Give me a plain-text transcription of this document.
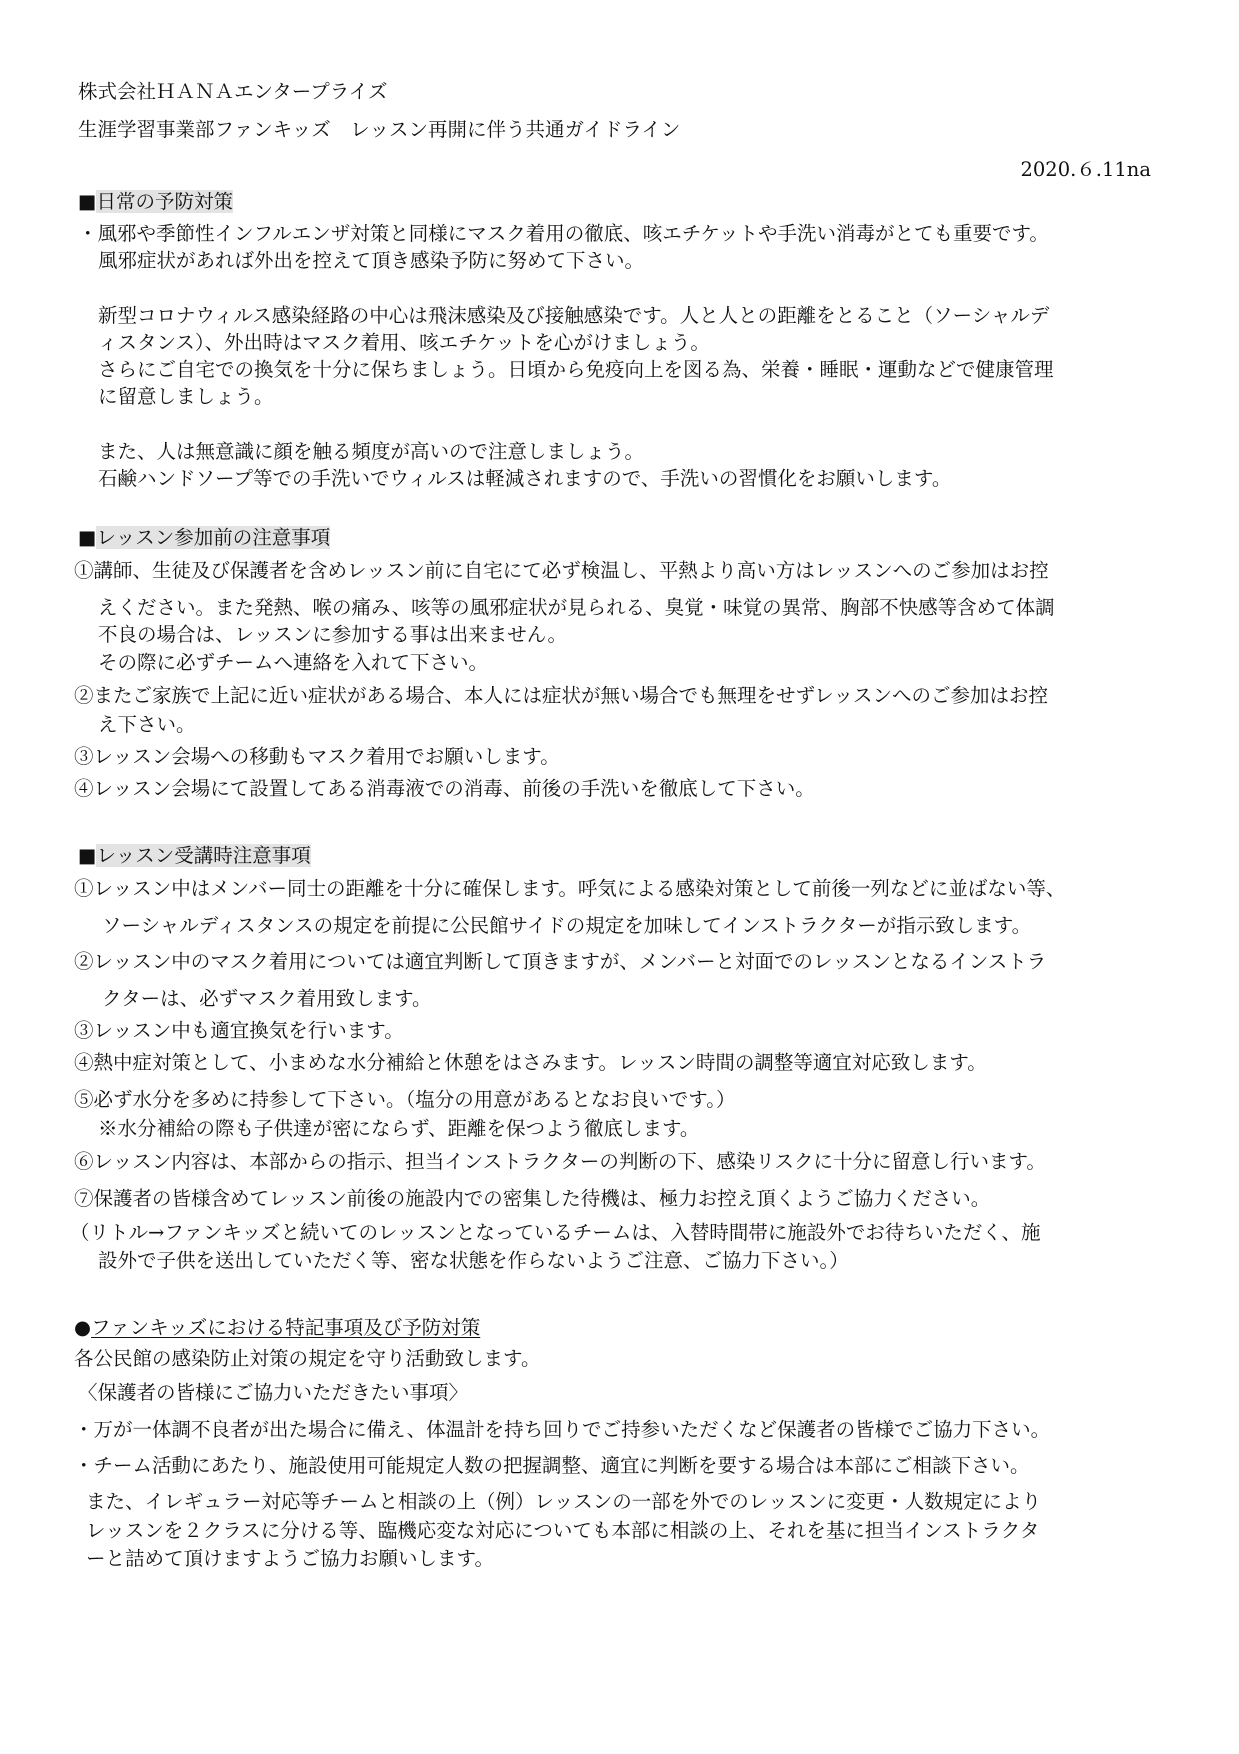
株式会社ＨＡＮＡエンタープライズ
生涯学習事業部ファンキッズ　レッスン再開に伴う共通ガイドライン
2020.６.11na
■日常の予防対策
・風邪や季節性インフルエンザ対策と同様にマスク着用の徹底、咳エチケットや手洗い消毒がとても重要です。
風邪症状があれば外出を控えて頂き感染予防に努めて下さい。
新型コロナウィルス感染経路の中心は飛沫感染及び接触感染です。人と人との距離をとること（ソーシャルデ
ィスタンス）、外出時はマスク着用、咳エチケットを心がけましょう。
さらにご自宅での換気を十分に保ちましょう。日頃から免疫向上を図る為、栄養・睡眠・運動などで健康管理
に留意しましょう。
また、人は無意識に顔を触る頻度が高いので注意しましょう。
石鹸ハンドソープ等での手洗いでウィルスは軽減されますので、手洗いの習慣化をお願いします。
■レッスン参加前の注意事項
①講師、生徒及び保護者を含めレッスン前に自宅にて必ず検温し、平熱より高い方はレッスンへのご参加はお控
えください。また発熱、喉の痛み、咳等の風邪症状が見られる、臭覚・味覚の異常、胸部不快感等含めて体調
不良の場合は、レッスンに参加する事は出来ません。
その際に必ずチームへ連絡を入れて下さい。
②またご家族で上記に近い症状がある場合、本人には症状が無い場合でも無理をせずレッスンへのご参加はお控
え下さい。
③レッスン会場への移動もマスク着用でお願いします。
④レッスン会場にて設置してある消毒液での消毒、前後の手洗いを徹底して下さい。
■レッスン受講時注意事項
①レッスン中はメンバー同士の距離を十分に確保します。呼気による感染対策として前後一列などに並ばない等、
ソーシャルディスタンスの規定を前提に公民館サイドの規定を加味してインストラクターが指示致します。
②レッスン中のマスク着用については適宜判断して頂きますが、メンバーと対面でのレッスンとなるインストラ
クターは、必ずマスク着用致します。
③レッスン中も適宜換気を行います。
④熱中症対策として、小まめな水分補給と休憩をはさみます。レッスン時間の調整等適宜対応致します。
⑤必ず水分を多めに持参して下さい。（塩分の用意があるとなお良いです。）
※水分補給の際も子供達が密にならず、距離を保つよう徹底します。
⑥レッスン内容は、本部からの指示、担当インストラクターの判断の下、感染リスクに十分に留意し行います。
⑦保護者の皆様含めてレッスン前後の施設内での密集した待機は、極力お控え頂くようご協力ください。
（リトル→ファンキッズと続いてのレッスンとなっているチームは、入替時間帯に施設外でお待ちいただく、施
設外で子供を送出していただく等、密な状態を作らないようご注意、ご協力下さい。）
●ファンキッズにおける特記事項及び予防対策
各公民館の感染防止対策の規定を守り活動致します。
〈保護者の皆様にご協力いただきたい事項〉
・万が一体調不良者が出た場合に備え、体温計を持ち回りでご持参いただくなど保護者の皆様でご協力下さい。
・チーム活動にあたり、施設使用可能規定人数の把握調整、適宜に判断を要する場合は本部にご相談下さい。
また、イレギュラー対応等チームと相談の上（例）レッスンの一部を外でのレッスンに変更・人数規定により
レッスンを２クラスに分ける等、臨機応変な対応についても本部に相談の上、それを基に担当インストラクタ
ーと詰めて頂けますようご協力お願いします。
